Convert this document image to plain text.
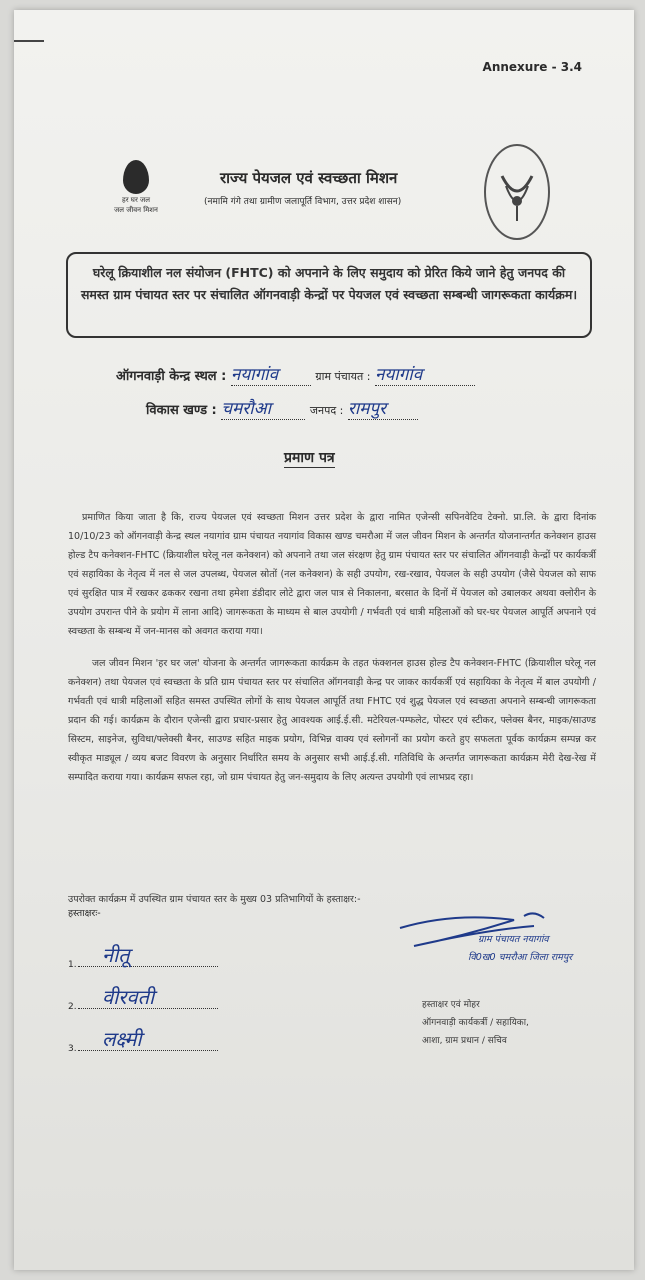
Annexure - 3.4
हर घर जल
जल जीवन मिशन
राज्य पेयजल एवं स्वच्छता मिशन
(नमामि गंगे तथा ग्रामीण जलापूर्ति विभाग, उत्तर प्रदेश शासन)
घरेलू क्रियाशील नल संयोजन (FHTC) को अपनाने के लिए समुदाय को प्रेरित किये जाने हेतु जनपद की समस्त ग्राम पंचायत स्तर पर संचालित ऑगनवाड़ी केन्द्रों पर पेयजल एवं स्वच्छता सम्बन्धी जागरूकता कार्यक्रम।
ऑगनवाड़ी केन्द्र स्थल : नयागांव	ग्राम पंचायत : नयागांव
विकास खण्ड : चमरौआ	जनपद : रामपुर
प्रमाण पत्र
प्रमाणित किया जाता है कि, राज्य पेयजल एवं स्वच्छता मिशन उत्तर प्रदेश के द्वारा नामित एजेन्सी सपिनवेटिव टेक्नो. प्रा.लि. के द्वारा दिनांक 10/10/23 को ऑगनवाड़ी केन्द्र स्थल नयागांव ग्राम पंचायत नयागांव विकास खण्ड चमरौआ में जल जीवन मिशन के अन्तर्गत योजनान्तर्गत कनेक्शन हाउस होल्ड टैप कनेक्शन-FHTC (क्रियाशील घरेलू नल कनेक्शन) को अपनाने तथा जल संरक्षण हेतु ग्राम पंचायत स्तर पर संचालित ऑगनवाड़ी केन्द्रों पर कार्यकर्त्री एवं सहायिका के नेतृत्व में नल से जल उपलब्ध, पेयजल स्रोतों (नल कनेक्शन) के सही उपयोग, रख-रखाव, पेयजल के सही उपयोग (जैसे पेयजल को साफ एवं सुरक्षित पात्र में रखकर ढककर रखना तथा हमेशा डंडीदार लोटे द्वारा जल पात्र से निकालना, बरसात के दिनों में पेयजल को उबालकर अथवा क्लोरीन के उपयोग उपरान्त पीने के प्रयोग में लाना आदि) जागरूकता के माध्यम से बाल उपयोगी / गर्भवती एवं धात्री महिलाओं को घर-घर पेयजल आपूर्ति अपनाने एवं स्वच्छता के सम्बन्ध में जन-मानस को अवगत कराया गया।
जल जीवन मिशन 'हर घर जल' योजना के अन्तर्गत जागरूकता कार्यक्रम के तहत फंक्शनल हाउस होल्ड टैप कनेक्शन-FHTC (क्रियाशील घरेलू नल कनेक्शन) तथा पेयजल एवं स्वच्छता के प्रति ग्राम पंचायत स्तर पर संचालित ऑगनवाड़ी केन्द्र पर जाकर कार्यकर्त्री एवं सहायिका के नेतृत्व में बाल उपयोगी / गर्भवती एवं धात्री महिलाओं सहित समस्त उपस्थित लोगों के साथ पेयजल आपूर्ति तथा FHTC एवं शुद्ध पेयजल एवं स्वच्छता अपनाने सम्बन्धी जागरूकता प्रदान की गई। कार्यक्रम के दौरान एजेन्सी द्वारा प्रचार-प्रसार हेतु आवश्यक आई.ई.सी. मटेरियल-पम्फलेट, पोस्टर एवं स्टीकर, फ्लेक्स बैनर, माइक/साउण्ड सिस्टम, साइनेज, सुविधा/फ्लेक्सी बैनर, साउण्ड सहित माइक प्रयोग, विभिन्न वाक्य एवं स्लोगनों का प्रयोग करते हुए सफलता पूर्वक कार्यक्रम सम्पन्न कर स्वीकृत माड्यूल / व्यय बजट विवरण के अनुसार निर्धारित समय के अनुसार सभी आई.ई.सी. गतिविधि के अन्तर्गत जागरूकता कार्यक्रम मेरी देख-रेख में सम्पादित कराया गया। कार्यक्रम सफल रहा, जो ग्राम पंचायत हेतु जन-समुदाय के लिए अत्यन्त उपयोगी एवं लाभप्रद रहा।
उपरोक्त कार्यक्रम में उपस्थित ग्राम पंचायत स्तर के मुख्य 03 प्रतिभागियों के हस्ताक्षर:-
हस्ताक्षरः-
1. नीतू
2. वीरवती
3. लक्ष्मी
ग्राम पंचायत नयागांव
वि0ख0 चमरौआ जिला रामपुर
हस्ताक्षर एवं मोहर
ऑगनवाड़ी कार्यकर्त्री / सहायिका,
आशा, ग्राम प्रधान / सचिव
